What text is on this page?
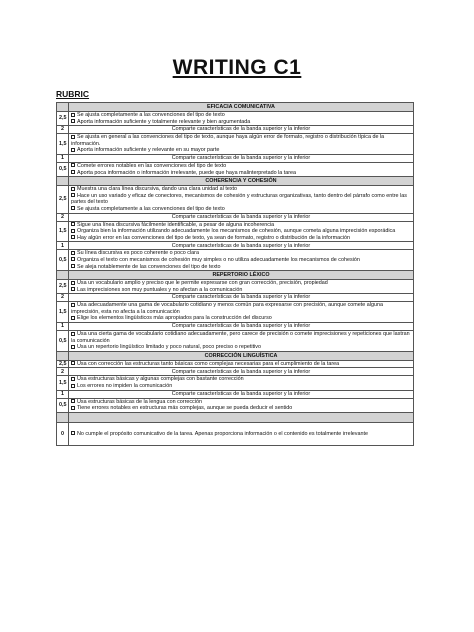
WRITING C1
RUBRIC
	EFICACIA COMUNICATIVA
2,5	Se ajusta completamente a las convenciones del tipo de texto
Aporta información suficiente y totalmente relevante y bien argumentada

2	Comparte características de la banda superior y la inferior
1,5	Se ajusta en general a las convenciones del tipo de texto, aunque haya algún error de formato, registro o distribución típica de la información.
Aporta información suficiente y relevante en su mayor parte

1	Comparte características de la banda superior y la inferior
0,5	Comete errores notables en las convenciones del tipo de texto
Aporta poca información o información irrelevante, puede que haya malinterpretado la tarea

	COHERENCIA Y COHESIÓN
2,5	Muestra una clara línea discursiva, dando una clara unidad al texto
Hace un uso variado y eficaz de conectores, mecanismos de cohesión y estructuras organizativas, tanto dentro del párrafo como entre las partes del texto
Se ajusta completamente a las convenciones del tipo de texto

2	Comparte características de la banda superior y la inferior
1,5	Sigue una línea discursiva fácilmente identificable, a pesar de alguna incoherencia
Organiza bien la información utilizando adecuadamente los mecanismos de cohesión, aunque cometa alguna imprecisión esporádica
Hay algún error en las convenciones del tipo de texto, ya sean de formato, registro o distribución de la información

1	Comparte características de la banda superior y la inferior
0,5	Su línea discursiva es poco coherente o poco clara
Organiza el texto con mecanismos de cohesión muy simples o no utiliza adecuadamente los mecanismos de cohesión
Se aleja notablemente de las convenciones del tipo de texto

	REPERTORIO LÉXICO
2,5	Usa un vocabulario amplio y preciso que le permite expresarse con gran corrección, precisión, propiedad
Las imprecisiones son muy puntuales y no afectan a la comunicación

2	Comparte características de la banda superior y la inferior
1,5	Usa adecuadamente una gama de vocabulario cotidiano y menos común para expresarse con precisión, aunque comete alguna imprecisión, esta no afecta a la comunicación
Elige los elementos lingüísticos más apropiados para la construcción del discurso

1	Comparte características de la banda superior y la inferior
0,5	Usa una cierta gama de vocabulario cotidiano adecuadamente, pero carece de precisión o comete imprecisiones y repeticiones que lastran la comunicación
Usa un repertorio lingüístico limitado y poco natural, poco preciso o repetitivo

	CORRECCIÓN LINGUÍSTICA
2,5	Usa con corrección las estructuras tanto básicas como complejas necesarias para el cumplimiento de la tarea

2	Comparte características de la banda superior y la inferior
1,5	Usa estructuras básicas y algunas complejas con bastante corrección
Los errores no impiden la comunicación

1	Comparte características de la banda superior y la inferior
0,5	Usa estructuras básicas de la lengua con corrección
Tiene errores notables en estructuras más complejas, aunque se pueda deducir el sentido

0	No cumple el propósito comunicativo de la tarea. Apenas proporciona información o el contenido es totalmente irrelevante
